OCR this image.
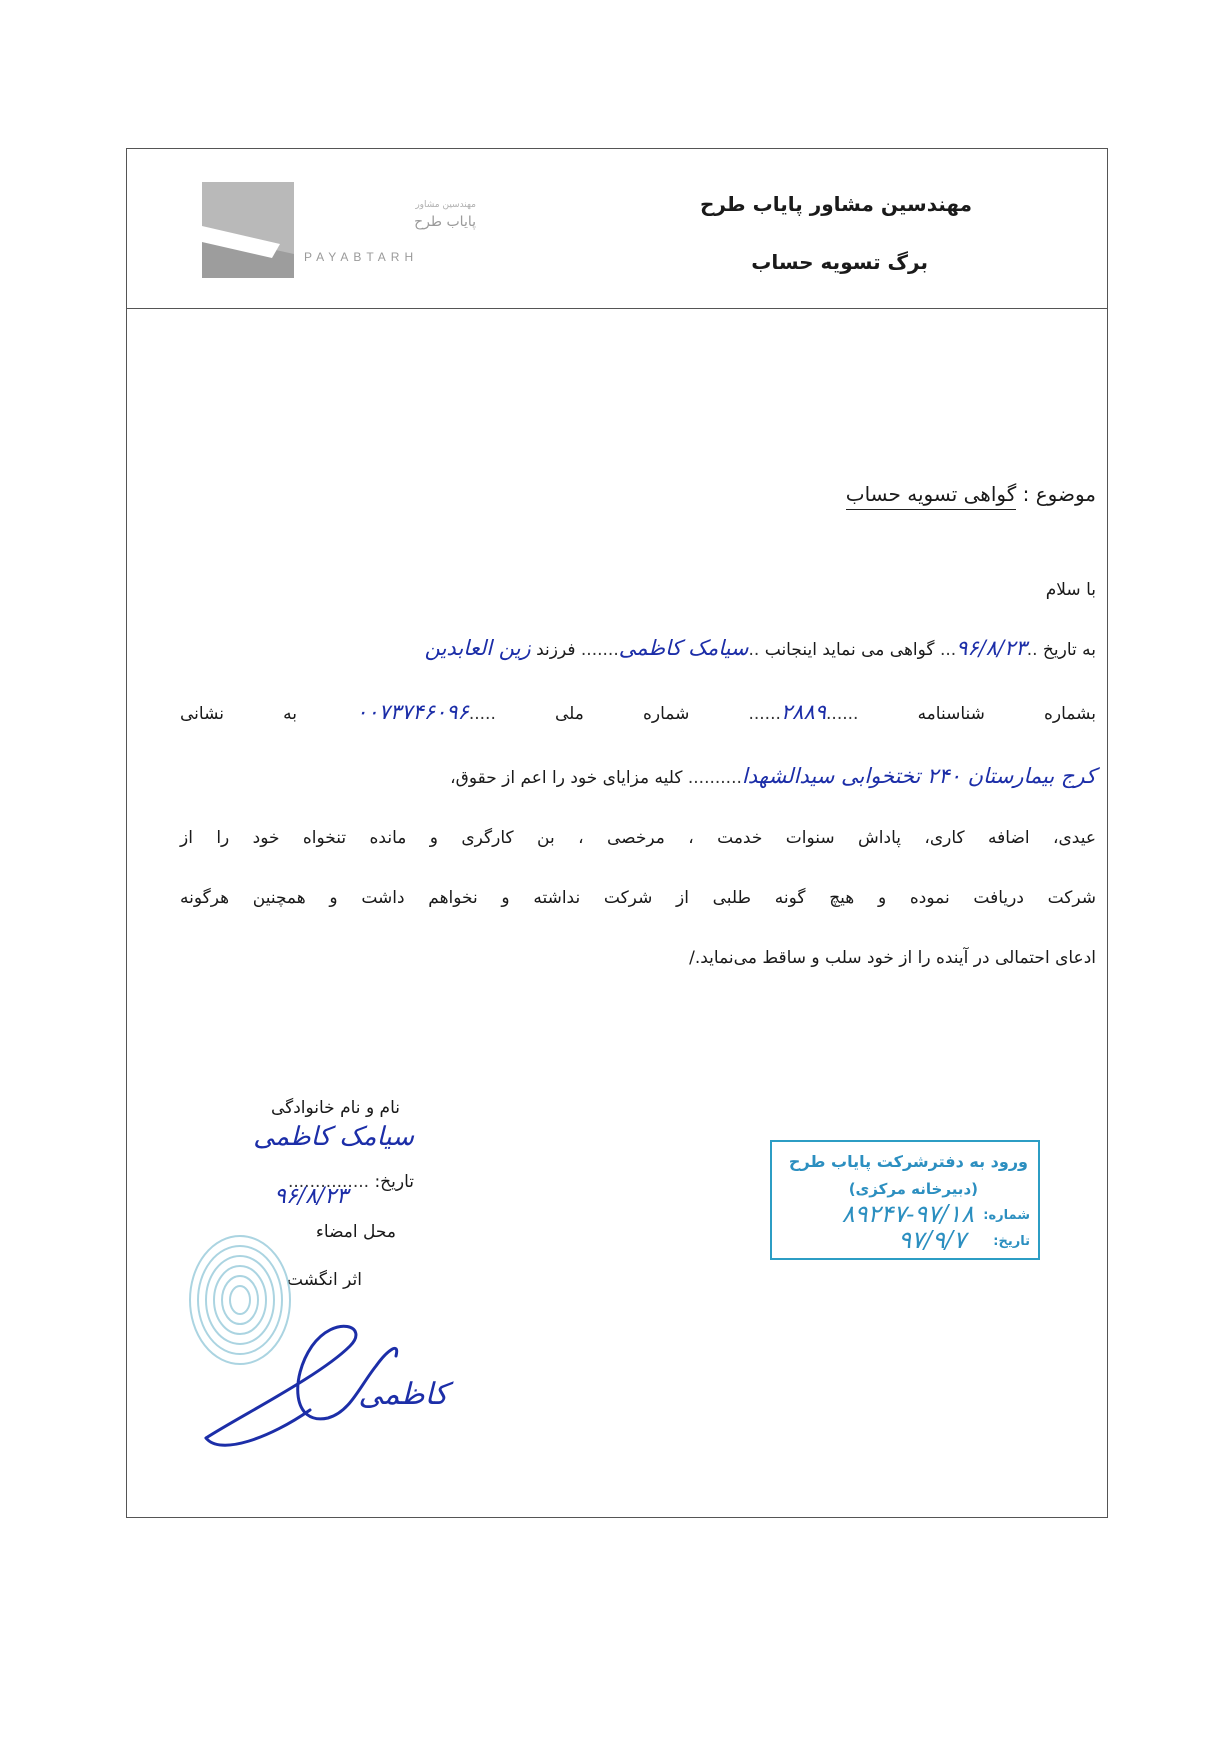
مهندسین مشاور
پایاب طرح
PAYABTARH
مهندسین مشاور پایاب طرح
برگ تسویه حساب
موضوع : گواهی تسویه حساب
با سلام
به تاریخ ..۹۶/۸/۲۳... گواهی می نماید اینجانب ..سیامک کاظمی....... فرزند زین العابدین
بشماره شناسنامه ......۲۸۸۹...... شماره ملی .....۰۰۷۳۷۴۶۰۹۶ به نشانی
کرج بیمارستان ۲۴۰ تختخوابی سیدالشهدا.......... کلیه مزایای خود را اعم از حقوق،
عیدی، اضافه کاری، پاداش سنوات خدمت ، مرخصی ، بن کارگری و مانده تنخواه خود را از
شرکت دریافت نموده و هیچ گونه طلبی از شرکت نداشته و نخواهم داشت و همچنین هرگونه
ادعای احتمالی در آینده را از خود سلب و ساقط می‌نماید./
نام و نام خانوادگی
سیامک کاظمی
تاریخ: ...............
۹۶/۸/۲۳
محل امضاء
اثر انگشت
کاظمی
ورود به دفترشرکت پایاب طرح
(دبیرخانه مرکزی)
شماره:
۸۹۲۴۷-۹۷/۱۸
تاریخ:
۹۷/۹/۷
